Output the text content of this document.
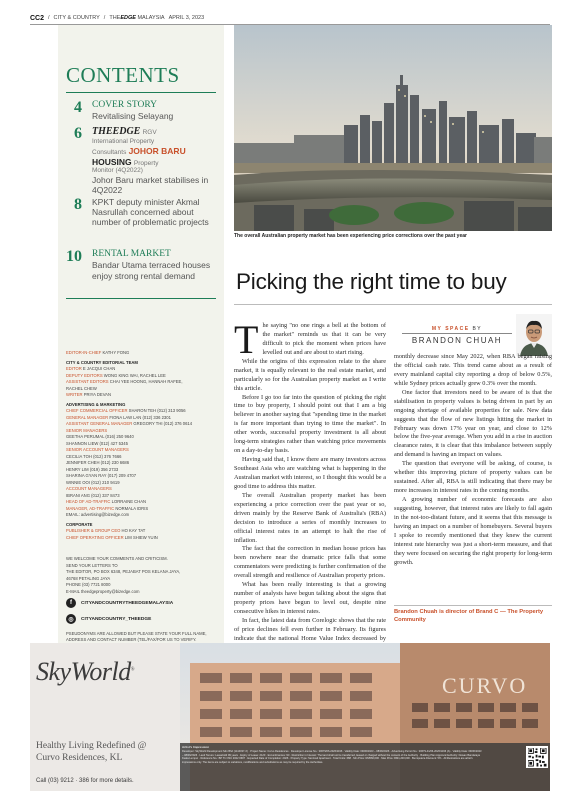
CC2 / CITY & COUNTRY / THEEDGE MALAYSIA APRIL 3, 2023
CONTENTS
4 COVER STORY
Revitalising Selayang
6 THEEDGE RGV
International Property
Consultants JOHOR BARU
HOUSING Property
Monitor (4Q2022)
Johor Baru market stabilises in 4Q2022
8 KPKT deputy minister Akmal Nasrullah concerned about number of problematic projects
10 RENTAL MARKET
Bandar Utama terraced houses enjoy strong rental demand
EDITOR-IN-CHIEF KATHY FONG
CITY & COUNTRY EDITORIAL TEAM
EDITOR E JACQUI CHAN
DEPUTY EDITORS WONG KING WAI, RACHEL LEE
ASSISTANT EDITORS CHAI YEE HOONG, HANNAH RAFEE,
RACHEL CHEW
WRITER PRIYA DEVAN
ADVERTISING & MARKETING
CHIEF COMMERCIAL OFFICER SHARON TEH (012) 313 9056
GENERAL MANAGER FIONA LAW LAN (012) 336 2301
ASSISTANT GENERAL MANAGER GREGORY THI (012) 376 0614
SENIOR MANAGERS
GEETHA PERUMAL (016) 250 9640
SHANNON LIEW (012) 427 5345
SENIOR ACCOUNT MANAGERS
CECILIA TOH (012) 376 7666
JENNIFER CHEH (012) 230 6686
HENRY LIM (019) 356 2733
SHARINA GYAN RAY (017) 209 4707
WINNIE OOI (012) 210 9419
ACCOUNT MANAGERS
IBRANI ANG (012) 337 8473
HEAD OF AD-TRAFFIC LORRAINE CHAN
MANAGER, AD-TRAFFIC NORMALA IDRIS
EMAIL: advertising@bizedge.com
CORPORATE
PUBLISHER & GROUP CEO HO KAY TAT
CHIEF OPERATING OFFICER LIM SHIEW YUIN
WE WELCOME YOUR COMMENTS AND CRITICISM.
SEND YOUR LETTERS TO
THE EDITOR, PO BOX 6348, PEJABAT POS KELANA JAYA,
46768 PETALING JAYA
PHONE (03) 7721 8000
E-MAIL theedgeproperty@bizedge.com
f	CITYANDCOUNTRYTHEEDGEMALAYSIA
◎	CITYANDCOUNTRY_THEEDGE
PSEUDONYMS ARE ALLOWED BUT PLEASE STATE YOUR FULL NAME, ADDRESS AND CONTACT NUMBER (TEL/FAX/FOR US TO VERIFY.
The overall Australian property market has been experiencing price corrections over the past year
Picking the right time to buy

The saying "no one rings a bell at the bottom of the market" reminds us that it can be very difficult to pick the moment when prices have levelled out and are about to start rising.

While the origins of this expression relate to the share market, it is equally relevant to the real estate market, and particularly so for the Australian property market as I write this article.

Before I go too far into the question of picking the right time to buy property, I should point out that I am a big believer in another saying that "spending time in the market is far more important than trying to time the market". In other words, successful property investment is all about long-term strategies rather than watching price movements on a day-to-day basis.

Having said that, I know there are many investors across Southeast Asia who are watching what is happening in the Australian market with interest, so I thought this would be a good time to address this matter.

The overall Australian property market has been experiencing a price correction over the past year or so, driven mainly by the Reserve Bank of Australia's (RBA) decision to introduce a series of monthly increases to official interest rates in an attempt to halt the rise of inflation.

The fact that the correction in median house prices has been nowhere near the dramatic price falls that some commentators were predicting is further confirmation of the overall strength and resilience of Australian property prices.

What has been really interesting is that a growing number of analysts have begun talking about the signs that property prices have begun to level out, despite nine consecutive hikes in interest rates.

In fact, the latest data from Corelogic shows that the rate of price declines fell even further in February. Its figures indicate that the national Home Value Index decreased by

MY SPACE BY
BRANDON CHUAH

monthly decrease since May 2022, when RBA began raising the official cash rate. This trend came about as a result of every mainland capital city reporting a drop of below 0.5%, while Sydney prices actually grew 0.3% over the month.

One factor that investors need to be aware of is that the stabilisation in property values is being driven in part by an ongoing shortage of available properties for sale. New data suggests that the flow of new listings hitting the market in February was down 17% year on year, and close to 12% below the five-year average. When you add in a rise in auction clearance rates, it is clear that this imbalance between supply and demand is having an impact on values.

The question that everyone will be asking, of course, is whether this improving picture of property values can be sustained. After all, RBA is still indicating that there may be more increases in interest rates in the coming months.

A growing number of economic forecasts are also suggesting, however, that interest rates are likely to fall again in the not-too-distant future, and it seems that this message is having an impact on a number of homebuyers. Several buyers I spoke to recently mentioned that they knew the current interest rate hierarchy was just a short-term measure, and that they were focused on securing the right property for long-term growth.

Brandon Chuah is director of Brand C — The Property Community
SkyWorld®
Healthy Living Redefined @
Curvo Residences, KL
Call (03) 9212 · 386 for more details.
CURVO
Artist's Impression
Developer: SkyWorld Development Sdn Bhd (1144037-X) · Project Name: Curvo Residences · Developer License No.: 30679/06-2026/1196 · Validity Date: 09/06/2023 – 08/06/2026 · Advertising Permit No.: 30679-41/06-2026/1196 (A) · Validity Date: 09/06/2023 – 08/06/2026 · Land Tenure: Leasehold 99 years · Expiry of Lease: 2120 · Encumbrances: Nil · Restriction in Interest: The land shall not be transferred, leased or charged without the consent of the Authority · Building Plan Approval Authority: Dewan Bandaraya Kuala Lumpur · Reference No.: BP T1 OSC 2022 0697 · Expected Date of Completion: 2026 · Property Type: Serviced Apartment · Total Units: 688 · Min Price: RM560,000 · Max Price: RM1,200,000 · Bumiputera Discount: 5% · All illustrations are artist's impressions only. The items are subject to variations, modifications and substitutions as may be required by the Authorities.
